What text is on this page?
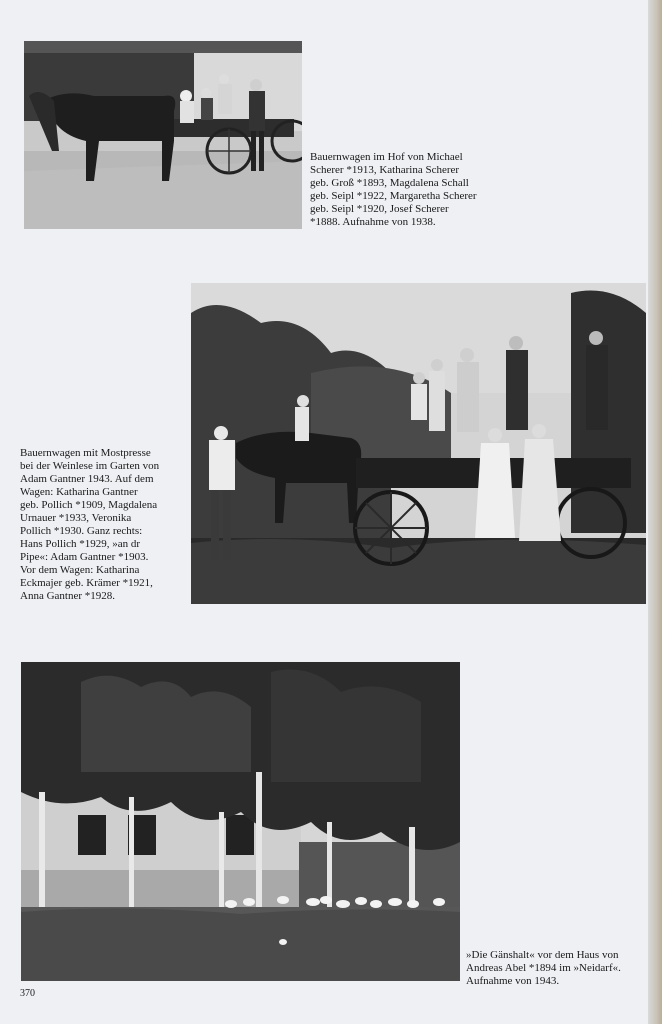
Bauernwagen im Hof von Michael
Scherer *1913, Katharina Scherer
geb. Groß *1893, Magdalena Schall
geb. Seipl *1922, Margaretha Scherer
geb. Seipl *1920, Josef Scherer
*1888. Aufnahme von 1938.

Bauernwagen mit Mostpresse
bei der Weinlese im Garten von
Adam Gantner 1943. Auf dem
Wagen: Katharina Gantner
geb. Pollich *1909, Magdalena
Urnauer *1933, Veronika
Pollich *1930. Ganz rechts:
Hans Pollich *1929, »an dr
Pipe«: Adam Gantner *1903.
Vor dem Wagen: Katharina
Eckmajer geb. Krämer *1921,
Anna Gantner *1928.

»Die Gänshalt« vor dem Haus von
Andreas Abel *1894 im »Neidarf«.
Aufnahme von 1943.

370
